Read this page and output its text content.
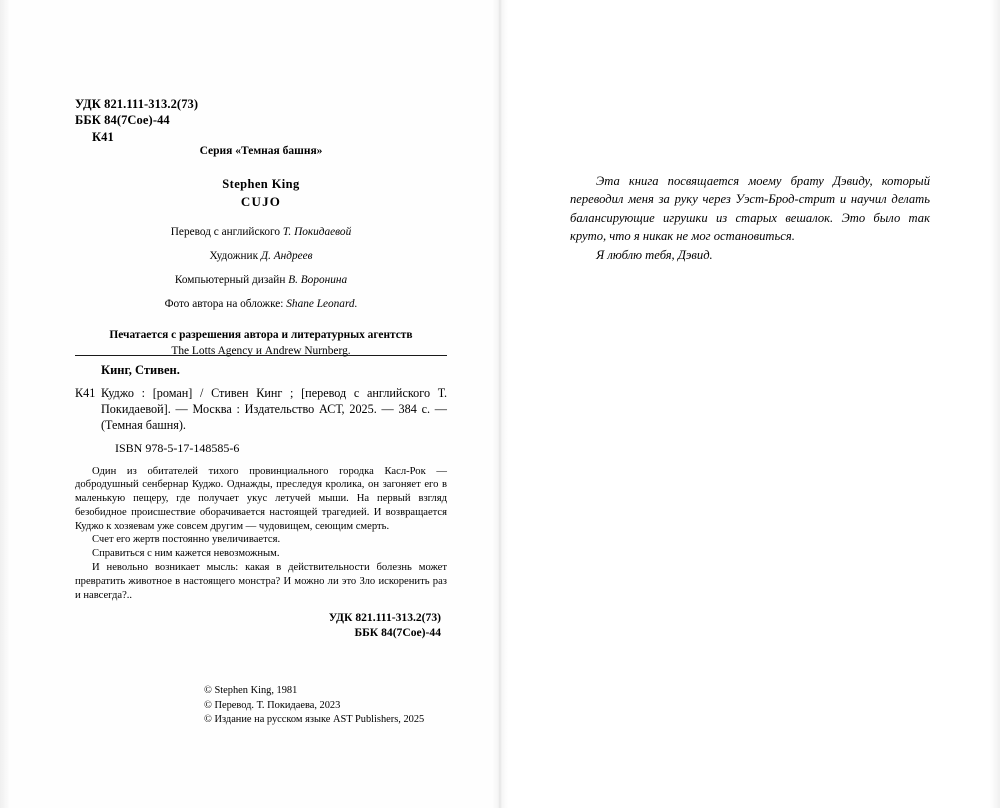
УДК 821.111-313.2(73)
ББК 84(7Сое)-44
К41
Серия «Темная башня»
Stephen King
CUJO
Перевод с английского Т. Покидаевой
Художник Д. Андреев
Компьютерный дизайн В. Воронина
Фото автора на обложке: Shane Leonard.
Печатается с разрешения автора и литературных агентств
The Lotts Agency и Andrew Nurnberg.
Кинг, Стивен.
К41 Куджо : [роман] / Стивен Кинг ; [перевод с английского Т. Покидаевой]. — Москва : Издательство АСТ, 2025. — 384 с. — (Темная башня).
ISBN 978-5-17-148585-6

Один из обитателей тихого провинциального городка Касл-Рок — добродушный сенбернар Куджо. Однажды, преследуя кролика, он загоняет его в маленькую пещеру, где получает укус летучей мыши. На первый взгляд безобидное происшествие оборачивается настоящей трагедией. И возвращается Куджо к хозяевам уже совсем другим — чудовищем, сеющим смерть.

Счет его жертв постоянно увеличивается.

Справиться с ним кажется невозможным.

И невольно возникает мысль: какая в действительности болезнь может превратить животное в настоящего монстра? И можно ли это Зло искоренить раз и навсегда?..

УДК 821.111-313.2(73)
ББК 84(7Сое)-44
© Stephen King, 1981
© Перевод. Т. Покидаева, 2023
© Издание на русском языке AST Publishers, 2025

Эта книга посвящается моему брату Дэвиду, который переводил меня за руку через Уэст-Брод-стрит и научил делать балансирующие игрушки из старых вешалок. Это было так круто, что я никак не мог остановиться.

Я люблю тебя, Дэвид.
